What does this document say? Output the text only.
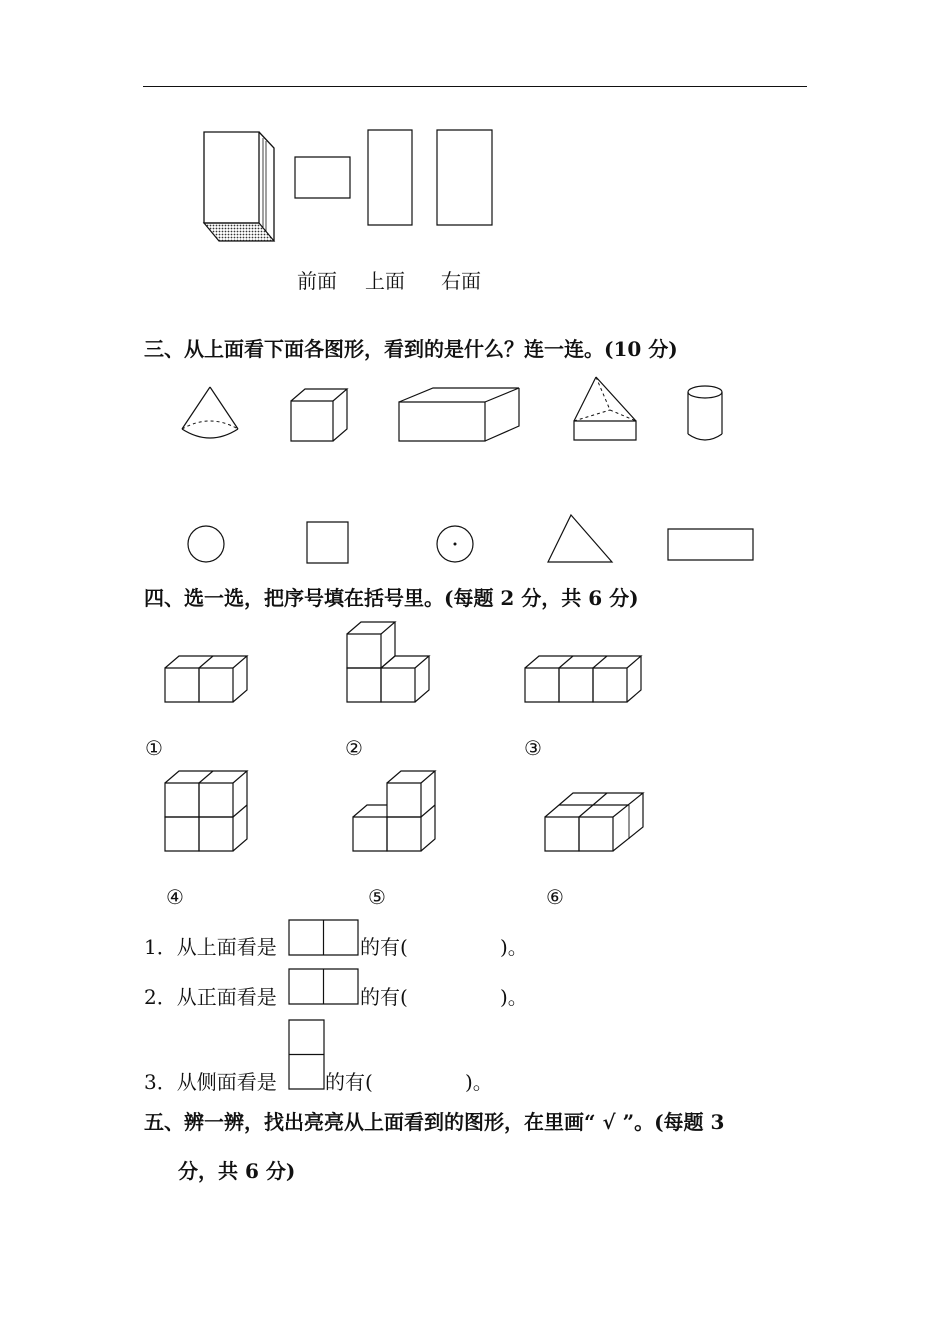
前面 上面 右面
三、从上面看下面各图形，看到的是什么？连一连。(10 分)
四、选一选，把序号填在括号里。(每题 2 分，共 6 分)
①	②	③
④	⑤	⑥
1．从上面看是	的有(	)。
2．从正面看是	的有(	)。
3．从侧面看是 的有(	)。
五、辨一辨，找出亮亮从上面看到的图形，在里画“ √ ”。(每题 3
分，共 6 分)
